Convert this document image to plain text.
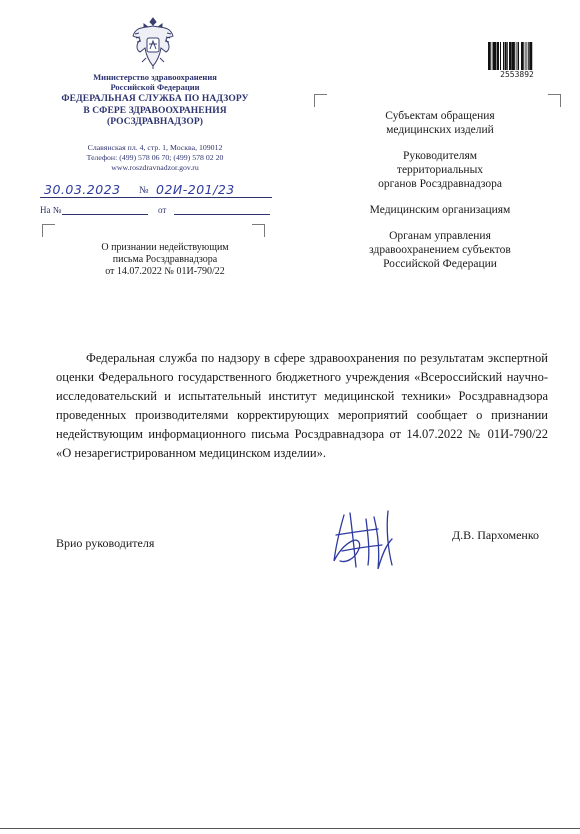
Министерство здравоохранения
Российской Федерации
ФЕДЕРАЛЬНАЯ СЛУЖБА ПО НАДЗОРУ
В СФЕРЕ ЗДРАВООХРАНЕНИЯ
(РОСЗДРАВНАДЗОР)
Славянская пл. 4, стр. 1, Москва, 109012
Телефон: (499) 578 06 70; (499) 578 02 20
www.roszdravnadzor.gov.ru
30.03.2023 № 02И-201/23
На №	от
О признании недействующим
письма Росздравнадзора
от 14.07.2022 № 01И-790/22
2553892
Субъектам обращения
медицинских изделий
Руководителям
территориальных
органов Росздравнадзора
Медицинским организациям
Органам управления
здравоохранением субъектов
Российской Федерации
Федеральная служба по надзору в сфере здравоохранения по результатам экспертной оценки Федерального государственного бюджетного учреждения «Всероссийский научно-исследовательский и испытательный институт медицинской техники» Росздравнадзора проведенных производителями корректирующих мероприятий сообщает о признании недействующим информационного письма Росздравнадзора от 14.07.2022 № 01И-790/22 «О незарегистрированном медицинском изделии».
Врио руководителя
Д.В. Пархоменко
